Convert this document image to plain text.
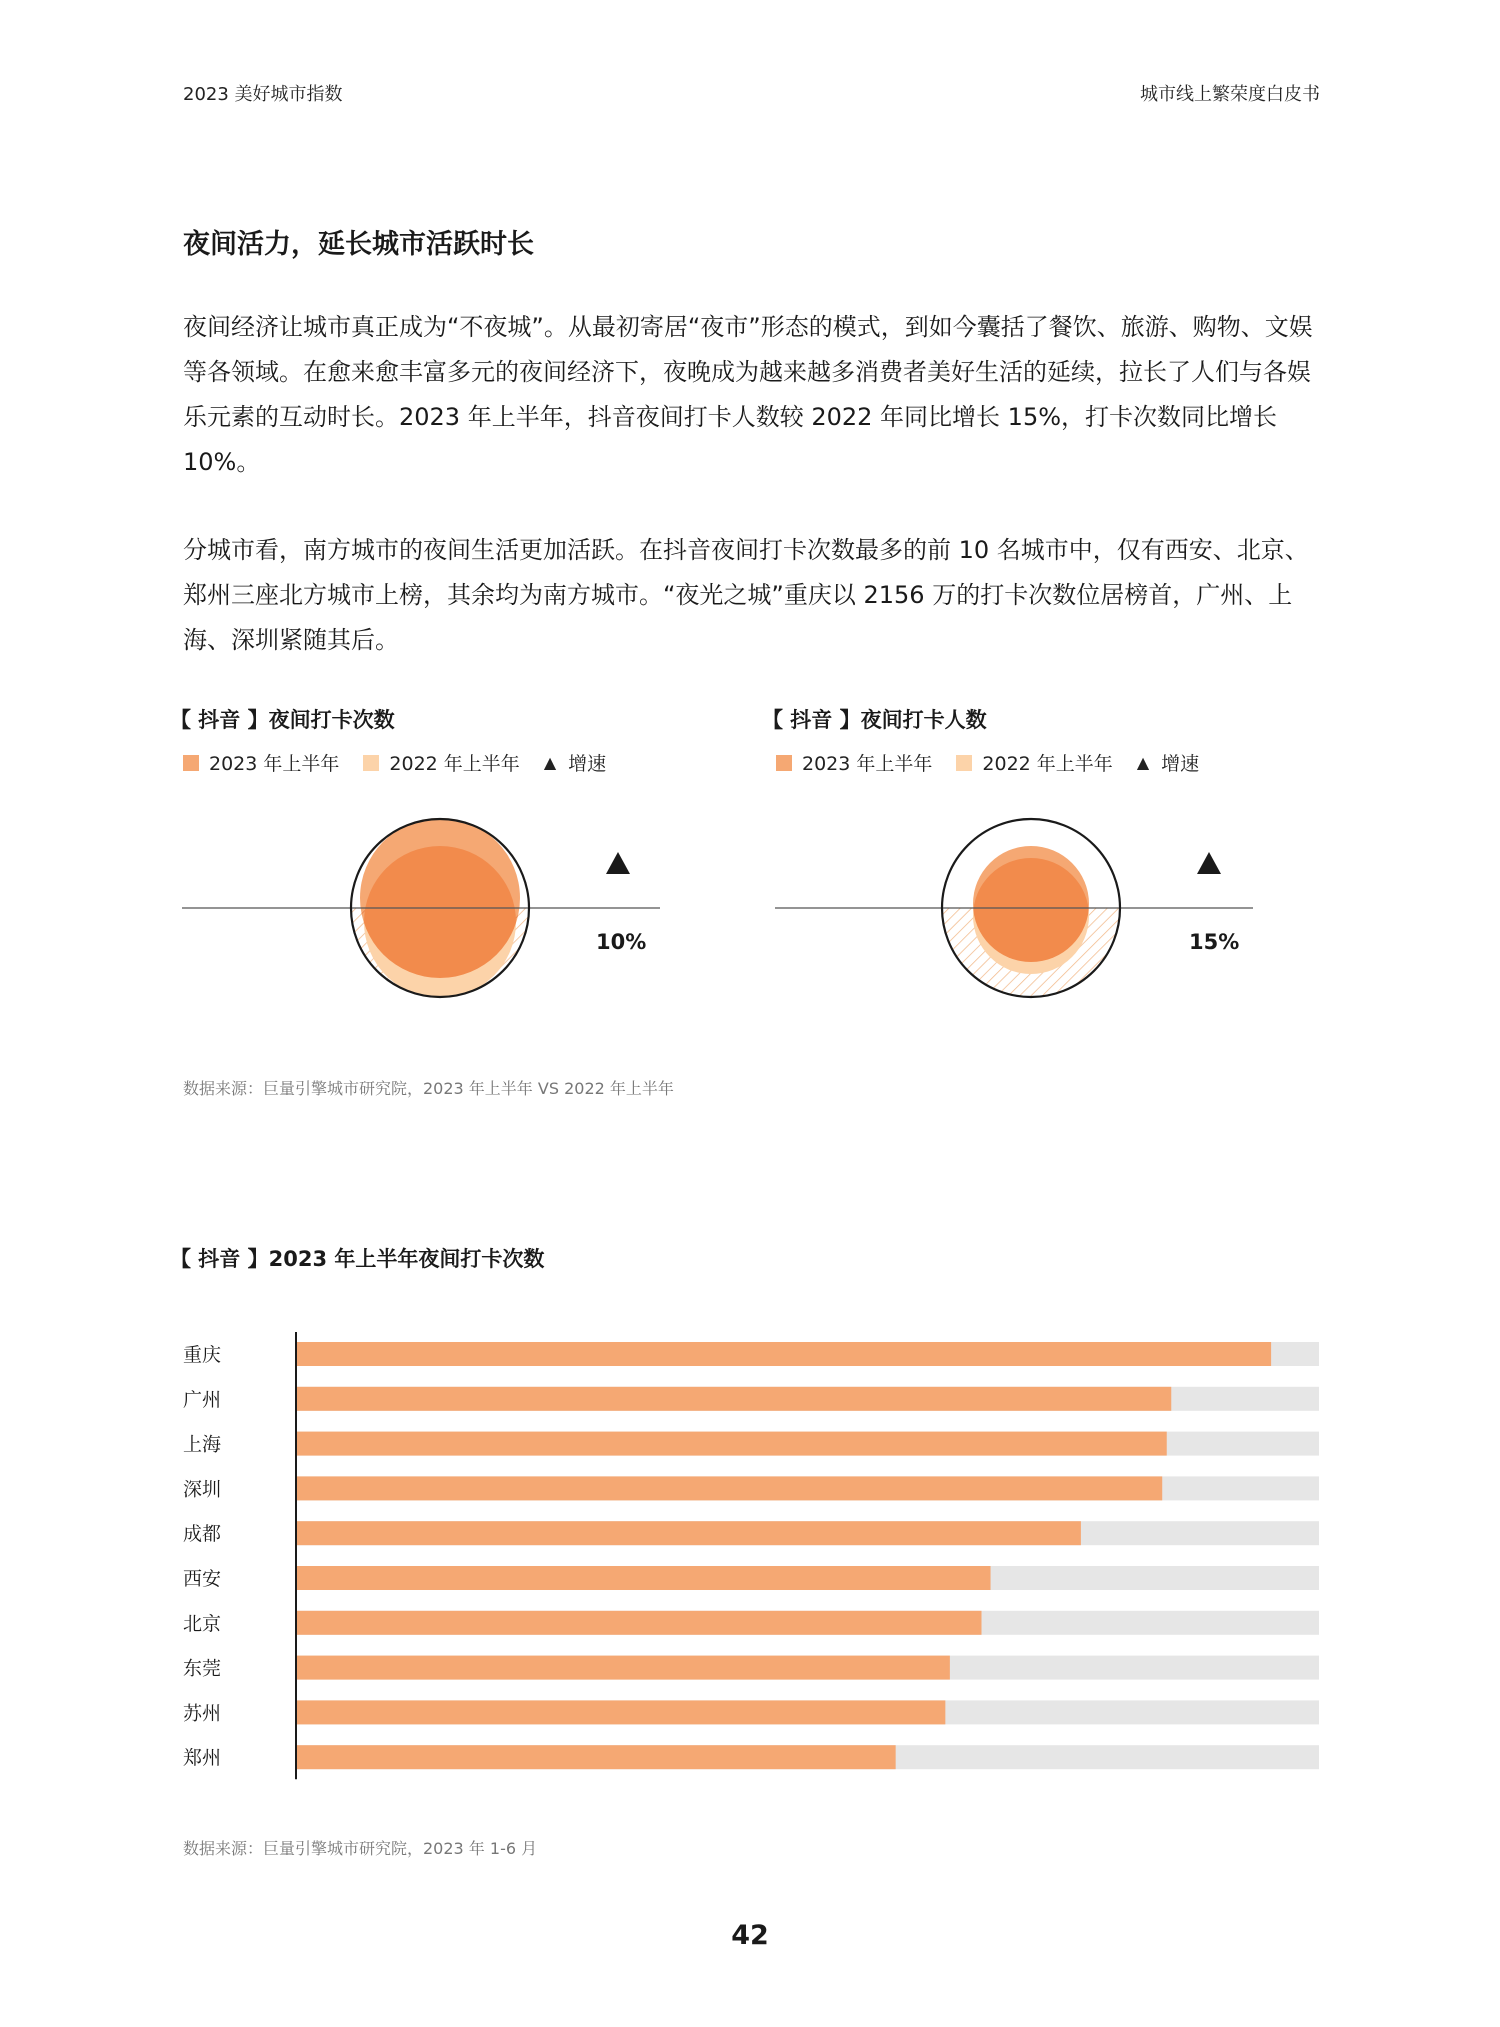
2023 美好城市指数	城市线上繁荣度白皮书
夜间活力，延长城市活跃时长

夜间经济让城市真正成为“不夜城”。从最初寄居“夜市”形态的模式，到如今囊括了餐饮、旅游、购物、文娱等各领域。在愈来愈丰富多元的夜间经济下，夜晚成为越来越多消费者美好生活的延续，拉长了人们与各娱乐元素的互动时长。2023 年上半年，抖音夜间打卡人数较 2022 年同比增长 15%，打卡次数同比增长 10%。

分城市看，南方城市的夜间生活更加活跃。在抖音夜间打卡次数最多的前 10 名城市中，仅有西安、北京、郑州三座北方城市上榜，其余均为南方城市。“夜光之城”重庆以 2156 万的打卡次数位居榜首，广州、上海、深圳紧随其后。

【 抖音 】夜间打卡次数
2023 年上半年	2022 年上半年 ▲ 增速
10%
【 抖音 】夜间打卡人数
2023 年上半年	2022 年上半年 ▲ 增速
15%
数据来源：巨量引擎城市研究院，2023 年上半年 VS 2022 年上半年
【 抖音 】2023 年上半年夜间打卡次数
重庆
广州
上海
深圳
成都
西安
北京
东莞
苏州
郑州
数据来源：巨量引擎城市研究院，2023 年 1-6 月
42
